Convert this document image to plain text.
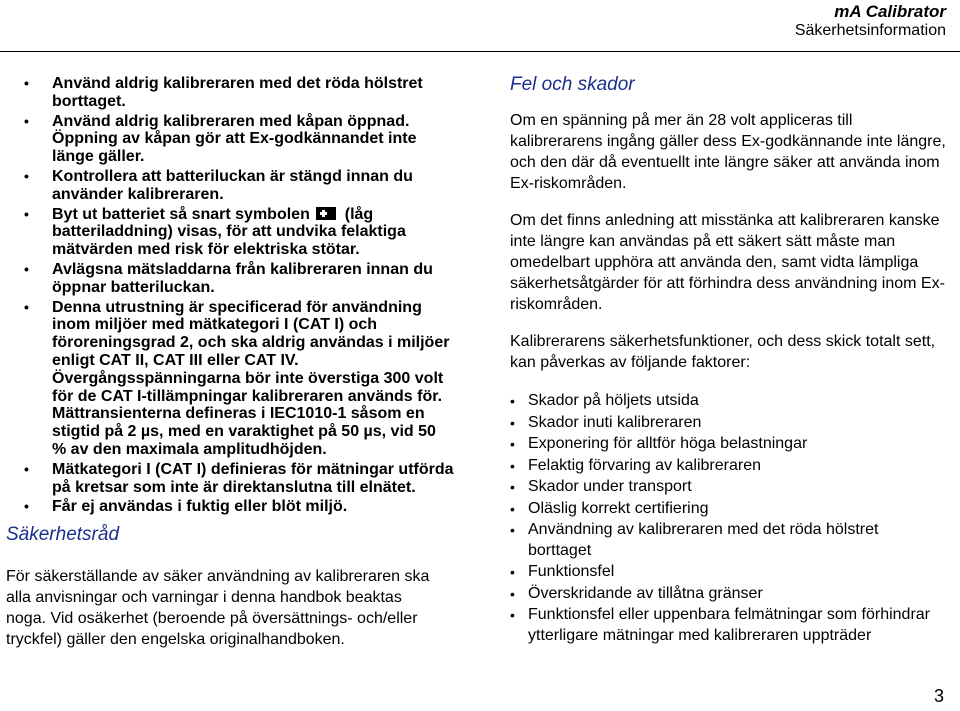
mA Calibrator
Säkerhetsinformation
• Använd aldrig kalibreraren med det röda hölstret borttaget.
• Använd aldrig kalibreraren med kåpan öppnad. Öppning av kåpan gör att Ex-godkännandet inte länge gäller.
• Kontrollera att batteriluckan är stängd innan du använder kalibreraren.
• Byt ut batteriet så snart symbolen (låg batteriladdning) visas, för att undvika felaktiga mätvärden med risk för elektriska stötar.
• Avlägsna mätsladdarna från kalibreraren innan du öppnar batteriluckan.
• Denna utrustning är specificerad för användning inom miljöer med mätkategori I (CAT I) och föroreningsgrad 2, och ska aldrig användas i miljöer enligt CAT II, CAT III eller CAT IV. Övergångsspänningarna bör inte överstiga 300 volt för de CAT I-tillämpningar kalibreraren används för. Mättransienterna defineras i IEC1010-1 såsom en stigtid på 2 µs, med en varaktighet på 50 µs, vid 50 % av den maximala amplitudhöjden.
• Mätkategori I (CAT I) definieras för mätningar utförda på kretsar som inte är direktanslutna till elnätet.
• Får ej användas i fuktig eller blöt miljö.
Säkerhetsråd

För säkerställande av säker användning av kalibreraren ska alla anvisningar och varningar i denna handbok beaktas noga. Vid osäkerhet (beroende på översättnings- och/eller tryckfel) gäller den engelska originalhandboken.

Fel och skador

Om en spänning på mer än 28 volt appliceras till kalibrerarens ingång gäller dess Ex-godkännande inte längre, och den där då eventuellt inte längre säker att använda inom Ex-riskområden.

Om det finns anledning att misstänka att kalibreraren kanske inte längre kan användas på ett säkert sätt måste man omedelbart upphöra att använda den, samt vidta lämpliga säkerhetsåtgärder för att förhindra dess användning inom Ex-riskområden.

Kalibrerarens säkerhetsfunktioner, och dess skick totalt sett, kan påverkas av följande faktorer:

• Skador på höljets utsida
• Skador inuti kalibreraren
• Exponering för alltför höga belastningar
• Felaktig förvaring av kalibreraren
• Skador under transport
• Oläslig korrekt certifiering
• Användning av kalibreraren med det röda hölstret borttaget
• Funktionsfel
• Överskridande av tillåtna gränser
• Funktionsfel eller uppenbara felmätningar som förhindrar ytterligare mätningar med kalibreraren uppträder
3
